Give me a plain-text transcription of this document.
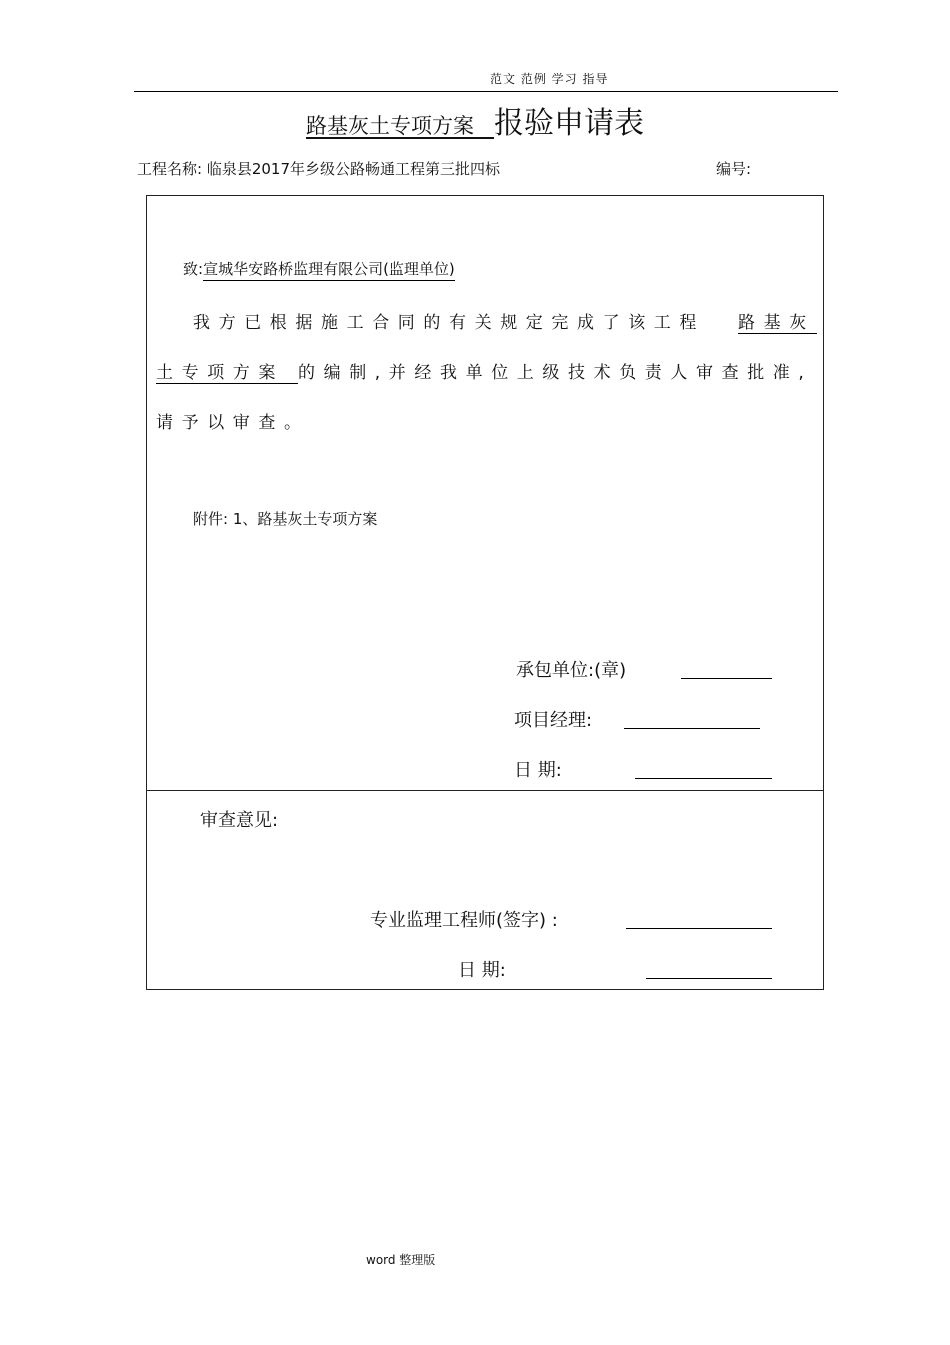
范文 范例 学习 指导
路基灰土专项方案 报验申请表
工程名称: 临泉县2017年乡级公路畅通工程第三批四标	编号:
致:宣城华安路桥监理有限公司(监理单位)
我方已根据施工合同的有关规定完成了该工程 路基灰
土专项方案 的编制,并经我单位上级技术负责人审查批准,
请予以审查。
附件: 1、路基灰土专项方案
承包单位:(章)
项目经理:
日 期:
审查意见:
专业监理工程师(签字) :
日 期:
word 整理版
